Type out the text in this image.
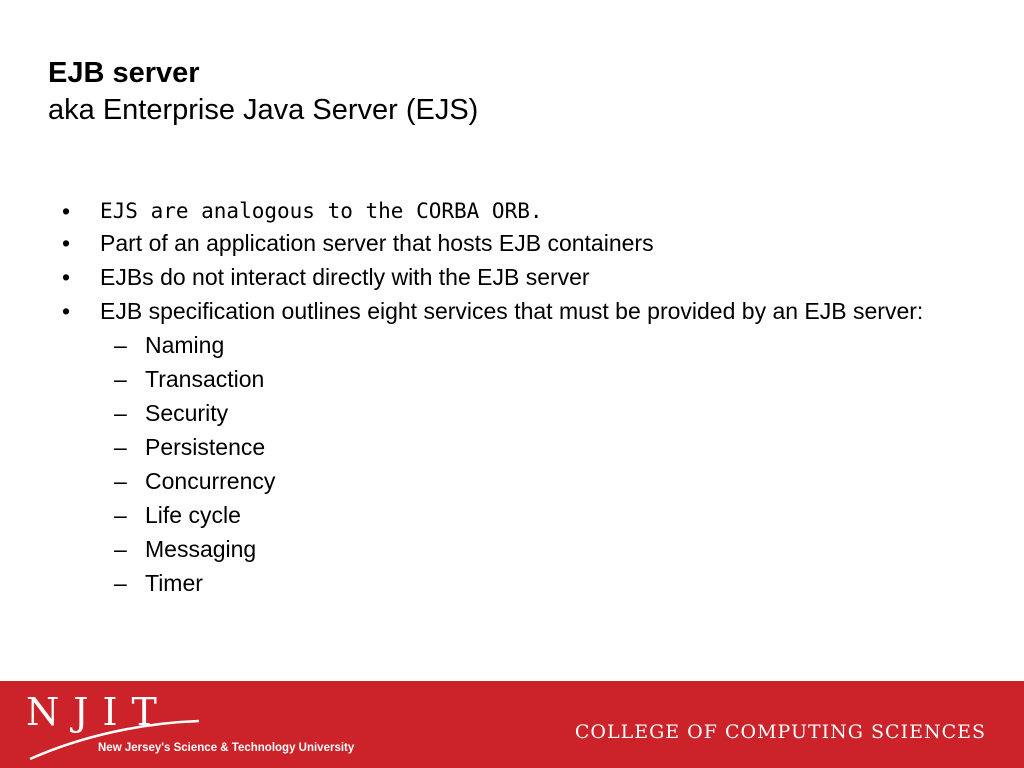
EJB server
aka Enterprise Java Server (EJS)
• EJS are analogous to the CORBA ORB.
• Part of an application server that hosts EJB containers
• EJBs do not interact directly with the EJB server
• EJB specification outlines eight services that must be provided by an EJB server:
– Naming
– Transaction
– Security
– Persistence
– Concurrency
– Life cycle
– Messaging
– Timer
NJIT
New Jersey's Science & Technology University
COLLEGE OF COMPUTING SCIENCES
